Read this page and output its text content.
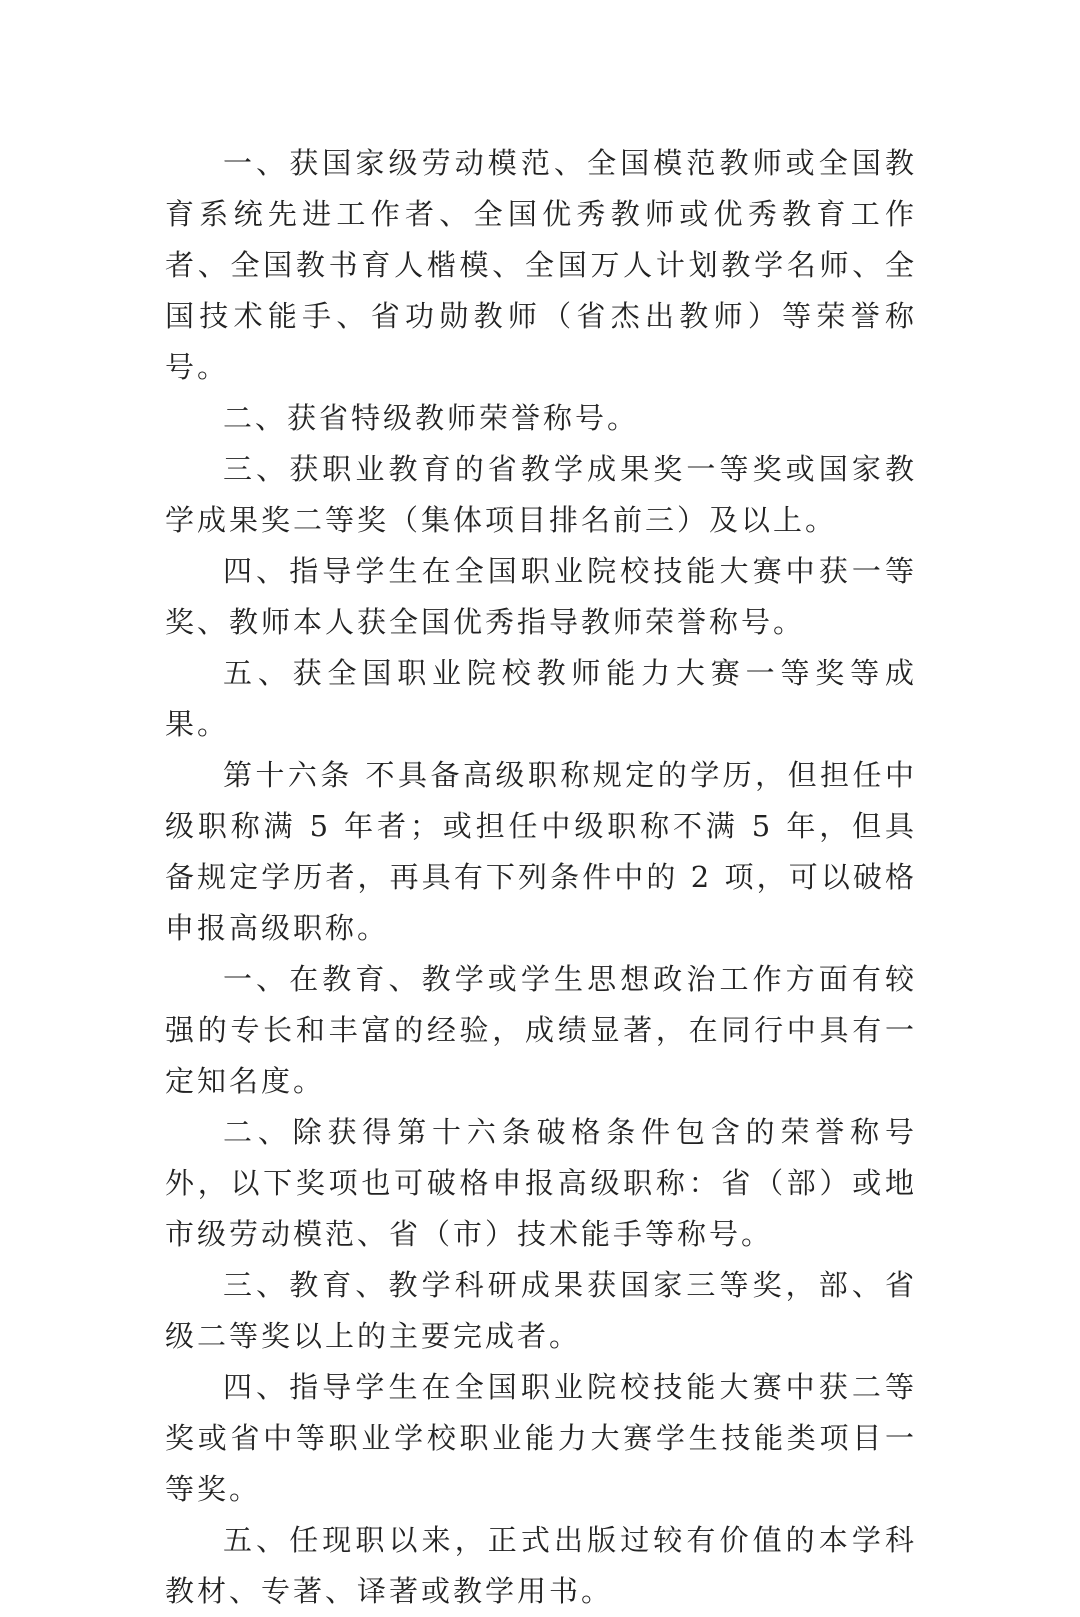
一、获国家级劳动模范、全国模范教师或全国教育系统先进工作者、全国优秀教师或优秀教育工作者、全国教书育人楷模、全国万人计划教学名师、全国技术能手、省功勋教师（省杰出教师）等荣誉称号。

二、获省特级教师荣誉称号。

三、获职业教育的省教学成果奖一等奖或国家教学成果奖二等奖（集体项目排名前三）及以上。

四、指导学生在全国职业院校技能大赛中获一等奖、教师本人获全国优秀指导教师荣誉称号。

五、获全国职业院校教师能力大赛一等奖等成果。

第十六条 不具备高级职称规定的学历，但担任中级职称满 5 年者；或担任中级职称不满 5 年，但具备规定学历者，再具有下列条件中的 2 项，可以破格申报高级职称。

一、在教育、教学或学生思想政治工作方面有较强的专长和丰富的经验，成绩显著，在同行中具有一定知名度。

二、除获得第十六条破格条件包含的荣誉称号外，以下奖项也可破格申报高级职称：省（部）或地市级劳动模范、省（市）技术能手等称号。

三、教育、教学科研成果获国家三等奖，部、省级二等奖以上的主要完成者。

四、指导学生在全国职业院校技能大赛中获二等奖或省中等职业学校职业能力大赛学生技能类项目一等奖。

五、任现职以来，正式出版过较有价值的本学科教材、专著、译著或教学用书。
